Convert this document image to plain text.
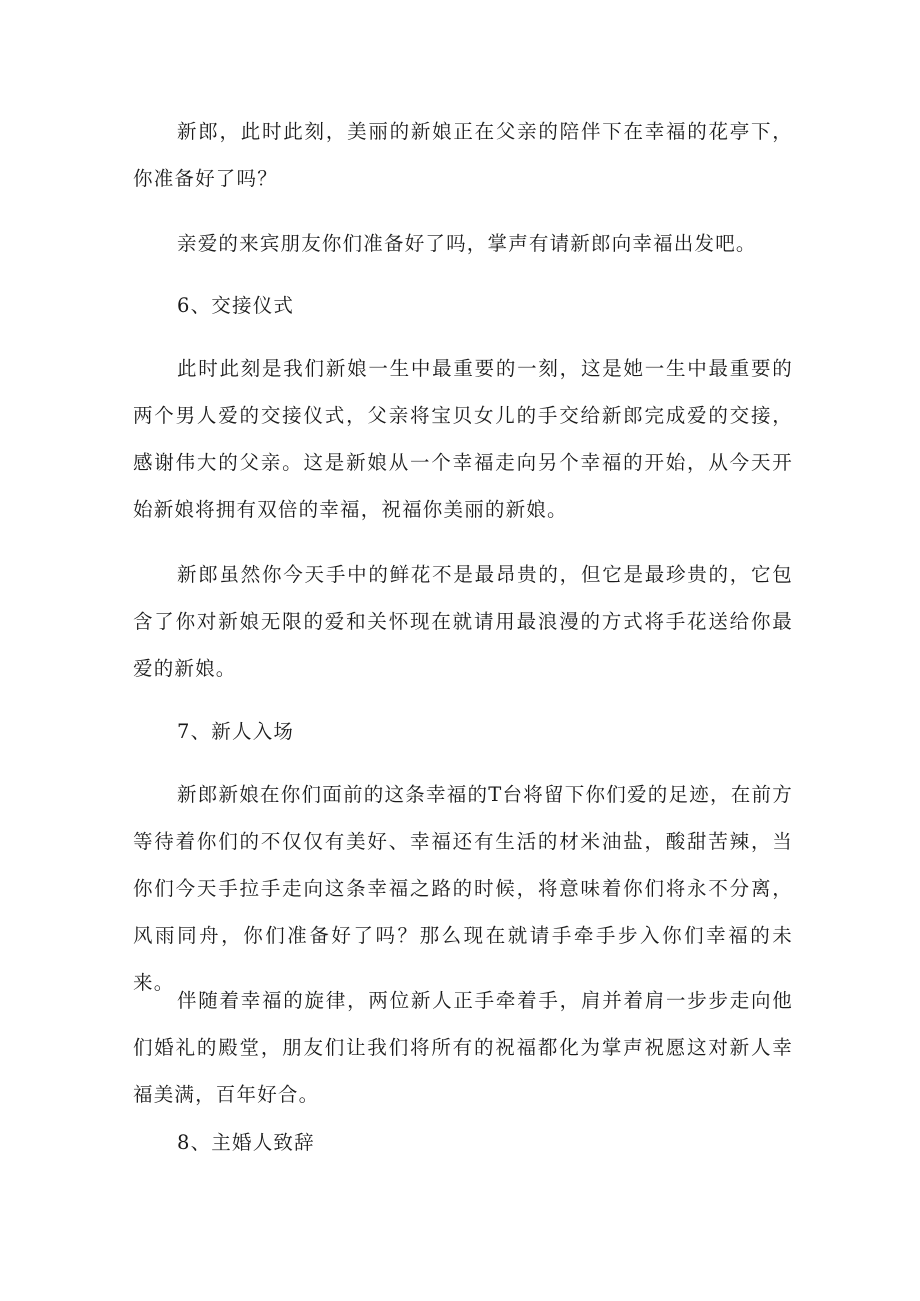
新郎，此时此刻，美丽的新娘正在父亲的陪伴下在幸福的花亭下，你准备好了吗？

亲爱的来宾朋友你们准备好了吗，掌声有请新郎向幸福出发吧。

6、交接仪式

此时此刻是我们新娘一生中最重要的一刻，这是她一生中最重要的两个男人爱的交接仪式，父亲将宝贝女儿的手交给新郎完成爱的交接，感谢伟大的父亲。这是新娘从一个幸福走向另个幸福的开始，从今天开始新娘将拥有双倍的幸福，祝福你美丽的新娘。

新郎虽然你今天手中的鲜花不是最昂贵的，但它是最珍贵的，它包含了你对新娘无限的爱和关怀现在就请用最浪漫的方式将手花送给你最爱的新娘。

7、新人入场

新郎新娘在你们面前的这条幸福的T台将留下你们爱的足迹，在前方等待着你们的不仅仅有美好、幸福还有生活的材米油盐，酸甜苦辣，当你们今天手拉手走向这条幸福之路的时候，将意味着你们将永不分离，风雨同舟，你们准备好了吗？那么现在就请手牵手步入你们幸福的未来。

伴随着幸福的旋律，两位新人正手牵着手，肩并着肩一步步走向他们婚礼的殿堂，朋友们让我们将所有的祝福都化为掌声祝愿这对新人幸福美满，百年好合。

8、主婚人致辞
